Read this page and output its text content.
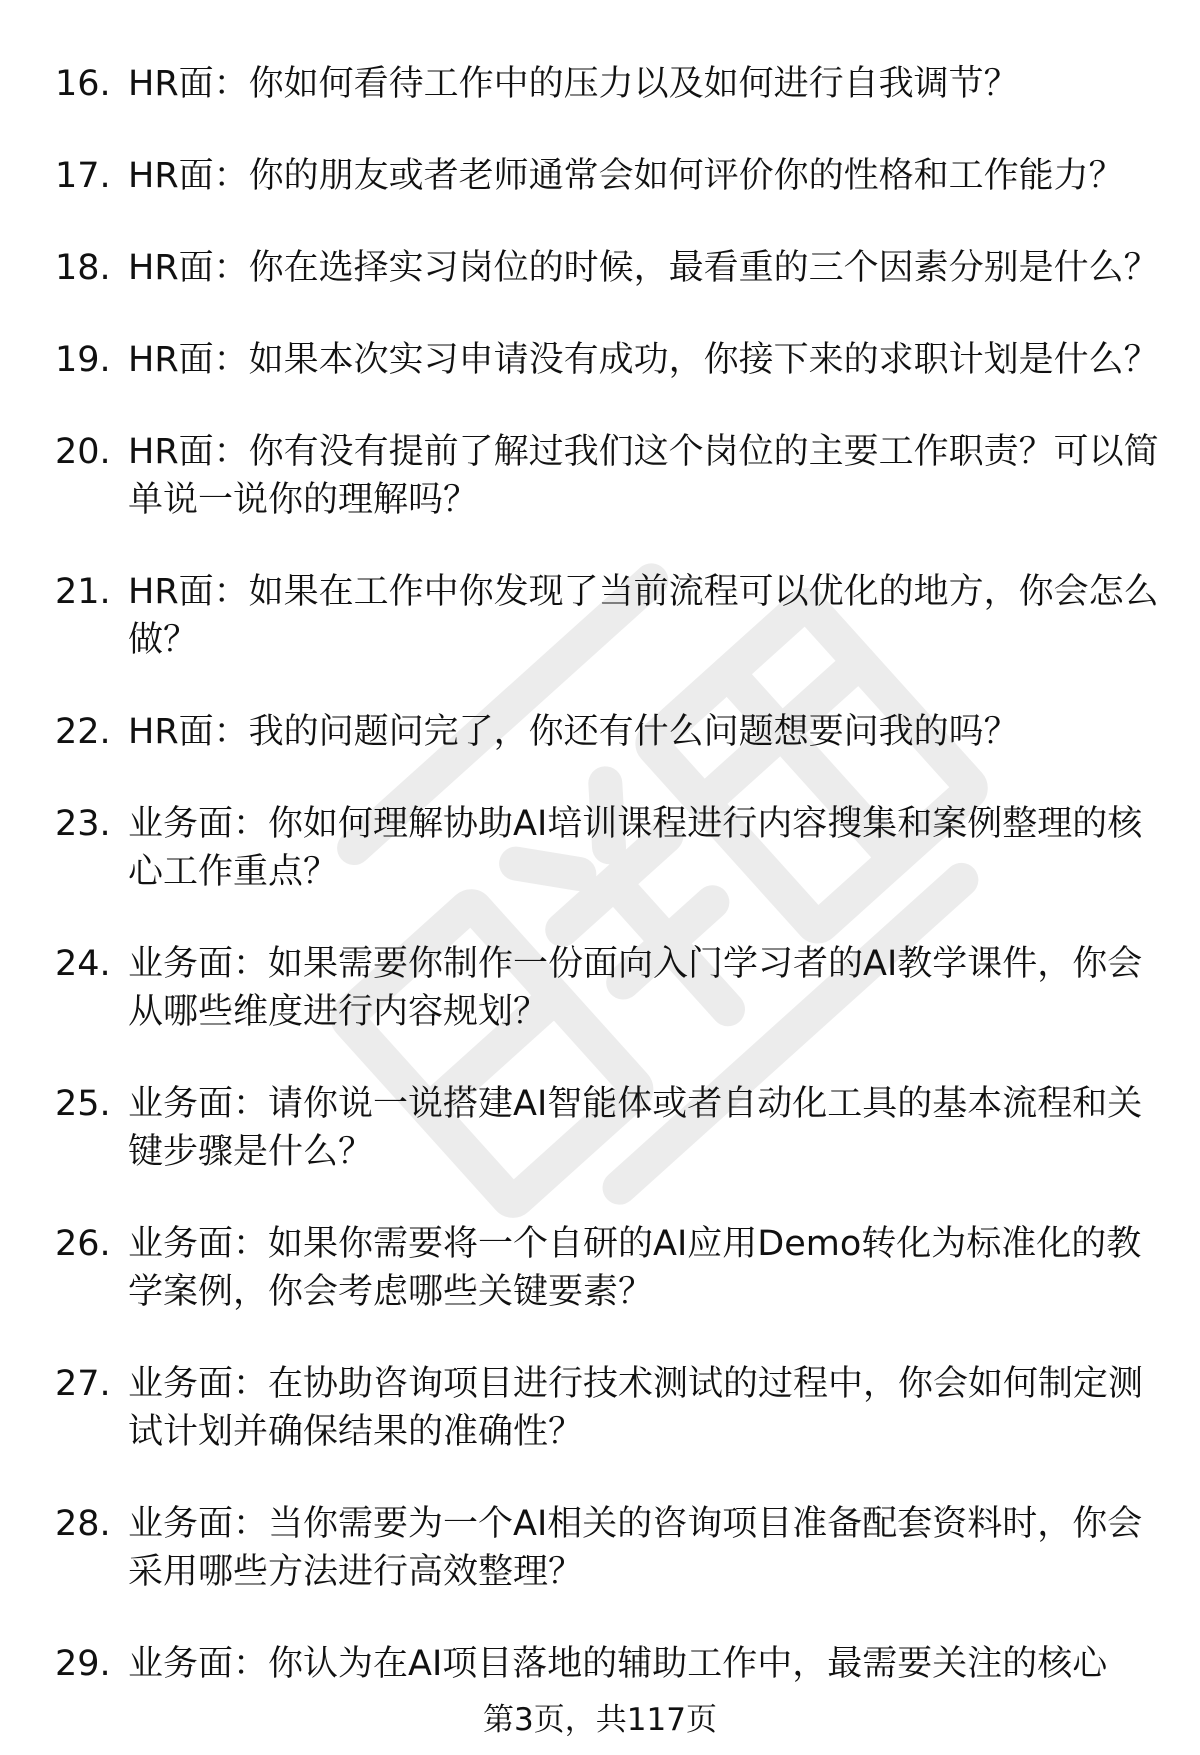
16. HR面：你如何看待工作中的压力以及如何进行自我调节？
17. HR面：你的朋友或者老师通常会如何评价你的性格和工作能力？
18. HR面：你在选择实习岗位的时候，最看重的三个因素分别是什么？
19. HR面：如果本次实习申请没有成功，你接下来的求职计划是什么？
20. HR面：你有没有提前了解过我们这个岗位的主要工作职责？可以简单说一说你的理解吗？
21. HR面：如果在工作中你发现了当前流程可以优化的地方，你会怎么做？
22. HR面：我的问题问完了，你还有什么问题想要问我的吗？
23. 业务面：你如何理解协助AI培训课程进行内容搜集和案例整理的核心工作重点？
24. 业务面：如果需要你制作一份面向入门学习者的AI教学课件，你会从哪些维度进行内容规划？
25. 业务面：请你说一说搭建AI智能体或者自动化工具的基本流程和关键步骤是什么？
26. 业务面：如果你需要将一个自研的AI应用Demo转化为标准化的教学案例，你会考虑哪些关键要素？
27. 业务面：在协助咨询项目进行技术测试的过程中，你会如何制定测试计划并确保结果的准确性？
28. 业务面：当你需要为一个AI相关的咨询项目准备配套资料时，你会采用哪些方法进行高效整理？
29. 业务面：你认为在AI项目落地的辅助工作中，最需要关注的核心
第3页，共117页
